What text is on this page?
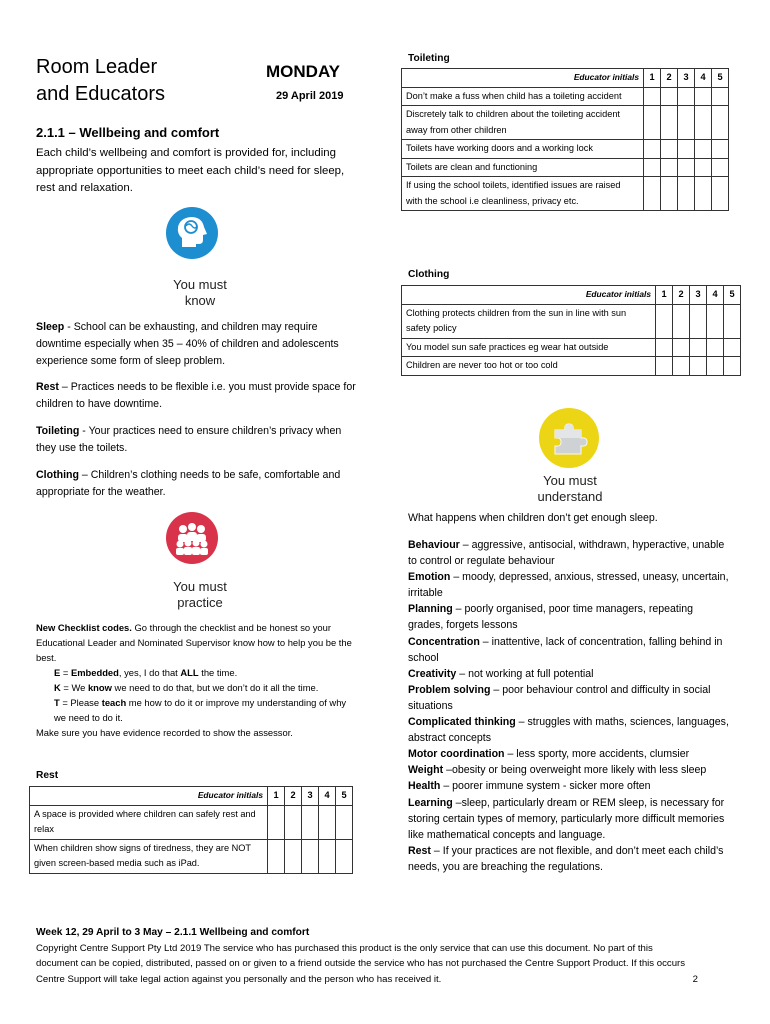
Room Leader
and Educators
MONDAY
29 April 2019
2.1.1 – Wellbeing and comfort
Each child’s wellbeing and comfort is provided for, including appropriate opportunities to meet each child’s need for sleep, rest and relaxation.
You must
know
Sleep - School can be exhausting, and children may require downtime especially when 35 – 40% of children and adolescents experience some form of sleep problem.
Rest – Practices needs to be flexible i.e. you must provide space for children to have downtime.
Toileting - Your practices need to ensure children’s privacy when they use the toilets.
Clothing – Children’s clothing needs to be safe, comfortable and appropriate for the weather.
You must
practice
New Checklist codes. Go through the checklist and be honest so your Educational Leader and Nominated Supervisor know how to help you be the best.
E = Embedded, yes, I do that ALL the time.
K = We know we need to do that, but we don’t do it all the time.
T = Please teach me how to do it or improve my understanding of why we need to do it.
Make sure you have evidence recorded to show the assessor.
Rest
Educator initials	1	2	3	4	5
A space is provided where children can safely rest and relax					
When children show signs of tiredness, they are NOT given screen-based media such as iPad.					
Toileting
Educator initials	1	2	3	4	5
Don’t make a fuss when child has a toileting accident					
Discretely talk to children about the toileting accident away from other children					
Toilets have working doors and a working lock					
Toilets are clean and functioning					
If using the school toilets, identified issues are raised with the school i.e cleanliness, privacy etc.					
Clothing
Educator initials	1	2	3	4	5
Clothing protects children from the sun in line with sun safety policy					
You model sun safe practices eg wear hat outside					
Children are never too hot or too cold					
You must
understand
What happens when children don’t get enough sleep.
Behaviour – aggressive, antisocial, withdrawn, hyperactive, unable to control or regulate behaviour
Emotion – moody, depressed, anxious, stressed, uneasy, uncertain, irritable
Planning – poorly organised, poor time managers, repeating grades, forgets lessons
Concentration – inattentive, lack of concentration, falling behind in school
Creativity – not working at full potential
Problem solving – poor behaviour control and difficulty in social situations
Complicated thinking – struggles with maths, sciences, languages, abstract concepts
Motor coordination – less sporty, more accidents, clumsier
Weight –obesity or being overweight more likely with less sleep
Health – poorer immune system - sicker more often
Learning –sleep, particularly dream or REM sleep, is necessary for storing certain types of memory, particularly more difficult memories like mathematical concepts and language.
Rest – If your practices are not flexible, and don’t meet each child’s needs, you are breaching the regulations.
Week 12, 29 April to 3 May – 2.1.1 Wellbeing and comfort
Copyright Centre Support Pty Ltd 2019 The service who has purchased this product is the only service that can use this document. No part of this document can be copied, distributed, passed on or given to a friend outside the service who has not purchased the Centre Support Product. If this occurs Centre Support will take legal action against you personally and the person who has received it.	2
